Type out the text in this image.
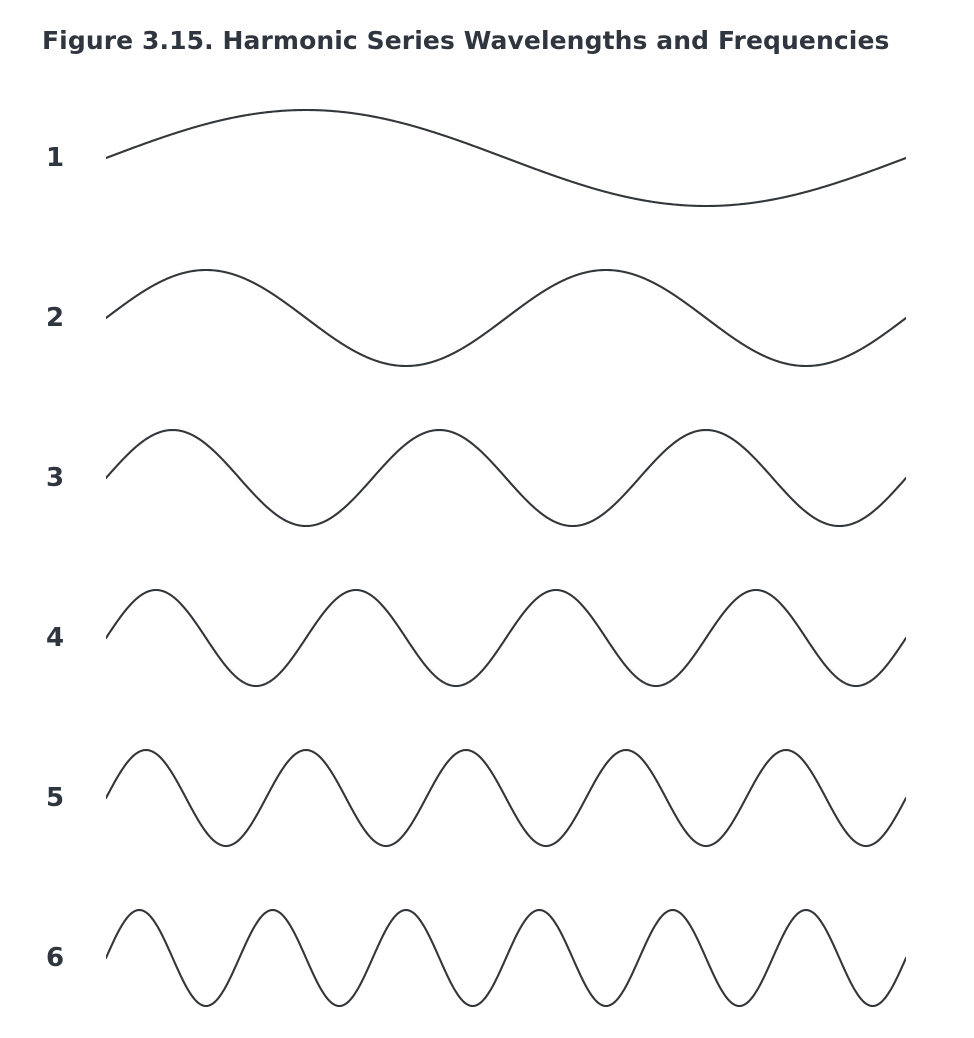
Figure 3.15. Harmonic Series Wavelengths and Frequencies
1
2
3
4
5
6
